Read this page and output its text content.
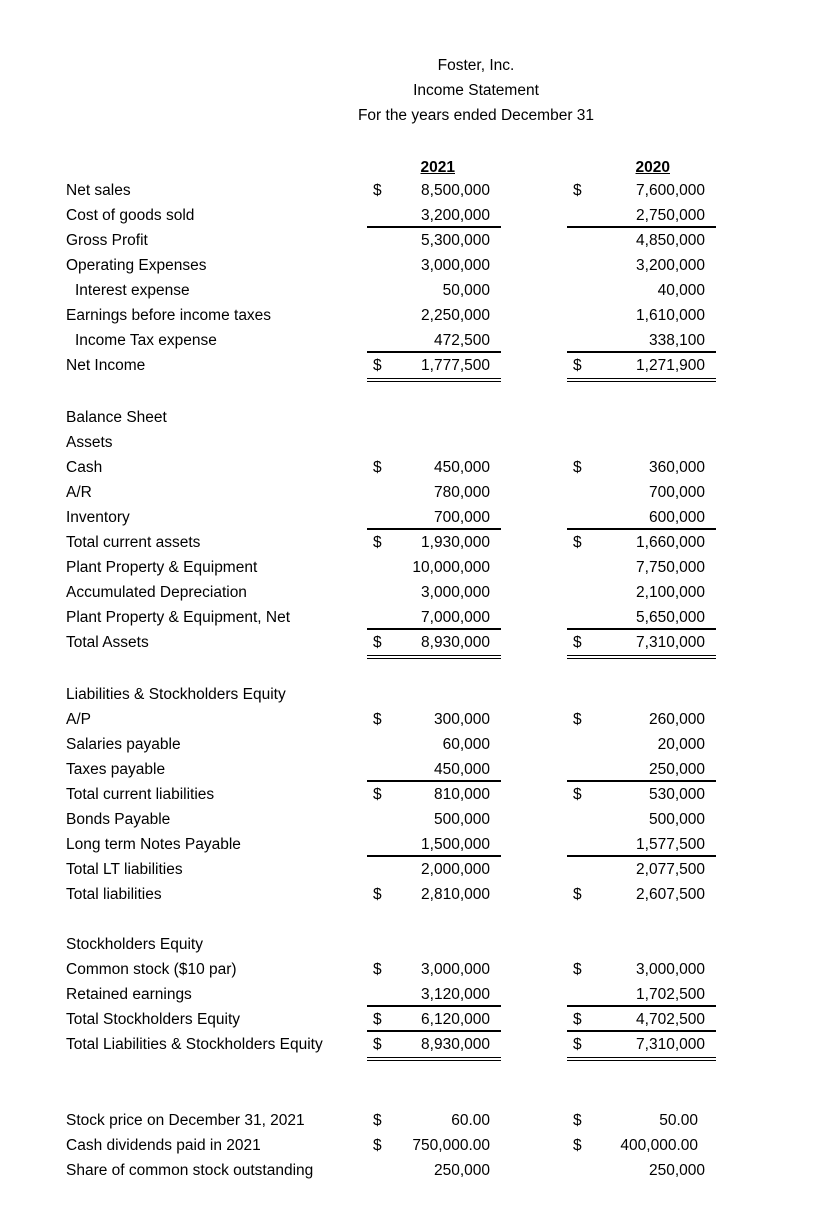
Foster, Inc.
Income Statement
For the years ended December 31
2021	2020
Net sales	$	8,500,000	$	7,600,000
Cost of goods sold	3,200,000	2,750,000
Gross Profit	5,300,000	4,850,000
Operating Expenses	3,000,000	3,200,000
Interest expense	50,000	40,000
Earnings before income taxes	2,250,000	1,610,000
Income Tax expense	472,500	338,100
Net Income	$	1,777,500	$	1,271,900
Balance Sheet
Assets
Cash	$	450,000	$	360,000
A/R	780,000	700,000
Inventory	700,000	600,000
Total current assets	$	1,930,000	$	1,660,000
Plant Property & Equipment	10,000,000	7,750,000
Accumulated Depreciation	3,000,000	2,100,000
Plant Property & Equipment, Net	7,000,000	5,650,000
Total Assets	$	8,930,000	$	7,310,000
Liabilities & Stockholders Equity
A/P	$	300,000	$	260,000
Salaries payable	60,000	20,000
Taxes payable	450,000	250,000
Total current liabilities	$	810,000	$	530,000
Bonds Payable	500,000	500,000
Long term Notes Payable	1,500,000	1,577,500
Total LT liabilities	2,000,000	2,077,500
Total liabilities	$	2,810,000	$	2,607,500
Stockholders Equity
Common stock ($10 par)	$	3,000,000	$	3,000,000
Retained earnings	3,120,000	1,702,500
Total Stockholders Equity	$	6,120,000	$	4,702,500
Total Liabilities & Stockholders Equity	$	8,930,000	$	7,310,000
Stock price on December 31, 2021	$	60.00	$	50.00
Cash dividends paid in 2021	$ 750,000.00	$	400,000.00
Share of common stock outstanding	250,000	250,000
